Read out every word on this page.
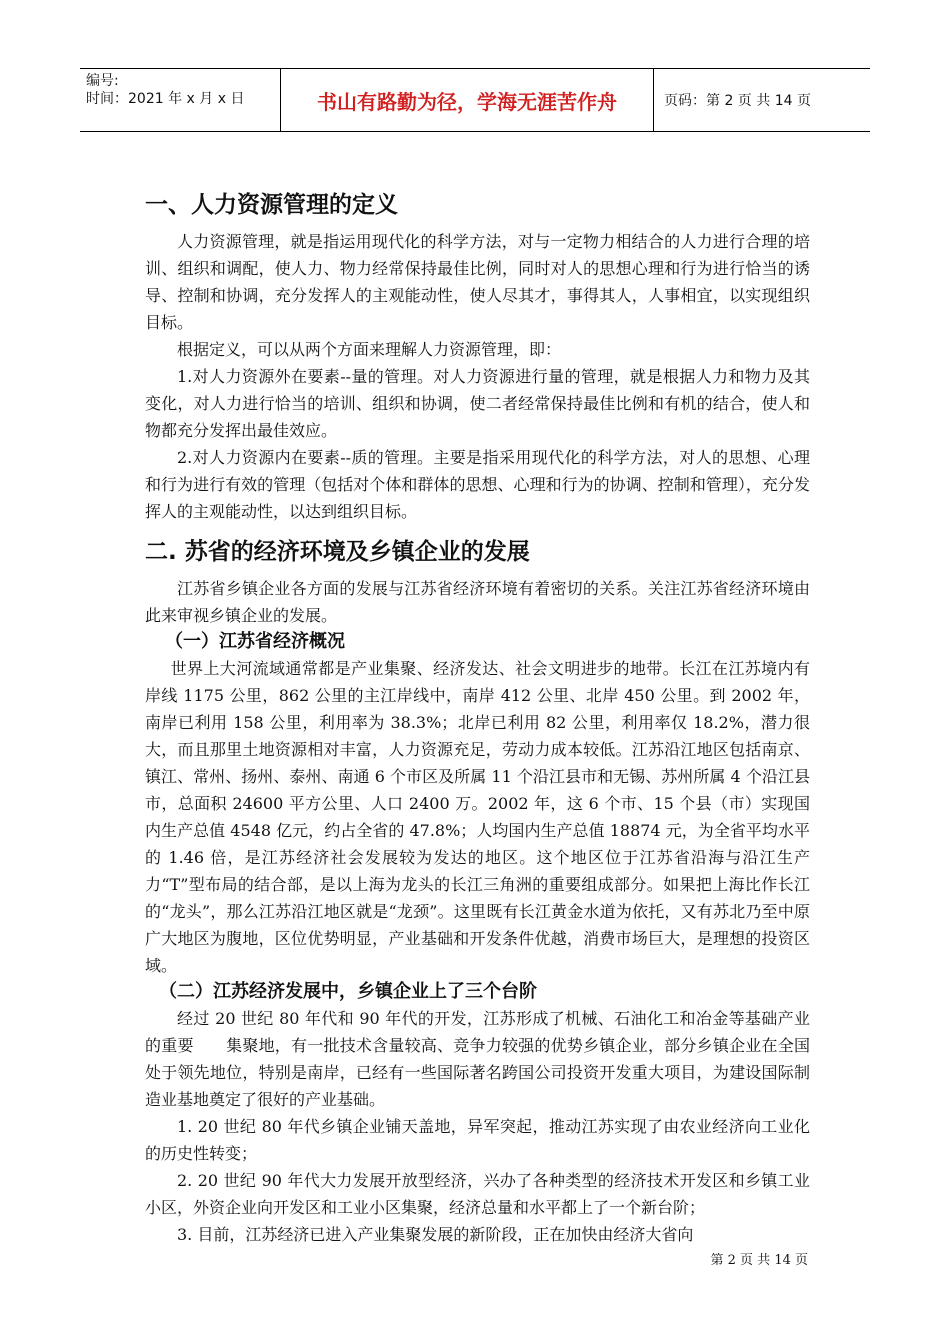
编号:
时间：2021 年 x 月 x 日	书山有路勤为径，学海无涯苦作舟	页码：第 2 页 共 14 页
一、人力资源管理的定义

人力资源管理，就是指运用现代化的科学方法，对与一定物力相结合的人力进行合理的培训、组织和调配，使人力、物力经常保持最佳比例，同时对人的思想心理和行为进行恰当的诱导、控制和协调，充分发挥人的主观能动性，使人尽其才，事得其人，人事相宜，以实现组织目标。

根据定义，可以从两个方面来理解人力资源管理，即：

1.对人力资源外在要素--量的管理。对人力资源进行量的管理，就是根据人力和物力及其变化，对人力进行恰当的培训、组织和协调，使二者经常保持最佳比例和有机的结合，使人和物都充分发挥出最佳效应。

2.对人力资源内在要素--质的管理。主要是指采用现代化的科学方法，对人的思想、心理和行为进行有效的管理（包括对个体和群体的思想、心理和行为的协调、控制和管理），充分发挥人的主观能动性，以达到组织目标。

二. 苏省的经济环境及乡镇企业的发展

江苏省乡镇企业各方面的发展与江苏省经济环境有着密切的关系。关注江苏省经济环境由此来审视乡镇企业的发展。

（一）江苏省经济概况

世界上大河流域通常都是产业集聚、经济发达、社会文明进步的地带。长江在江苏境内有岸线 1175 公里，862 公里的主江岸线中，南岸 412 公里、北岸 450 公里。到 2002 年，南岸已利用 158 公里，利用率为 38.3%；北岸已利用 82 公里，利用率仅 18.2%，潜力很大，而且那里土地资源相对丰富，人力资源充足，劳动力成本较低。江苏沿江地区包括南京、镇江、常州、扬州、泰州、南通 6 个市区及所属 11 个沿江县市和无锡、苏州所属 4 个沿江县市，总面积 24600 平方公里、人口 2400 万。2002 年，这 6 个市、15 个县（市）实现国内生产总值 4548 亿元，约占全省的 47.8%；人均国内生产总值 18874 元，为全省平均水平的 1.46 倍，是江苏经济社会发展较为发达的地区。这个地区位于江苏省沿海与沿江生产力“T”型布局的结合部，是以上海为龙头的长江三角洲的重要组成部分。如果把上海比作长江的“龙头”，那么江苏沿江地区就是“龙颈”。这里既有长江黄金水道为依托，又有苏北乃至中原广大地区为腹地，区位优势明显，产业基础和开发条件优越，消费市场巨大，是理想的投资区域。

（二）江苏经济发展中，乡镇企业上了三个台阶

经过 20 世纪 80 年代和 90 年代的开发，江苏形成了机械、石油化工和冶金等基础产业的重要　　集聚地，有一批技术含量较高、竞争力较强的优势乡镇企业，部分乡镇企业在全国处于领先地位，特别是南岸，已经有一些国际著名跨国公司投资开发重大项目，为建设国际制造业基地奠定了很好的产业基础。

1. 20 世纪 80 年代乡镇企业铺天盖地，异军突起，推动江苏实现了由农业经济向工业化的历史性转变；

2. 20 世纪 90 年代大力发展开放型经济，兴办了各种类型的经济技术开发区和乡镇工业小区，外资企业向开发区和工业小区集聚，经济总量和水平都上了一个新台阶；

3. 目前，江苏经济已进入产业集聚发展的新阶段，正在加快由经济大省向

第 2 页 共 14 页
